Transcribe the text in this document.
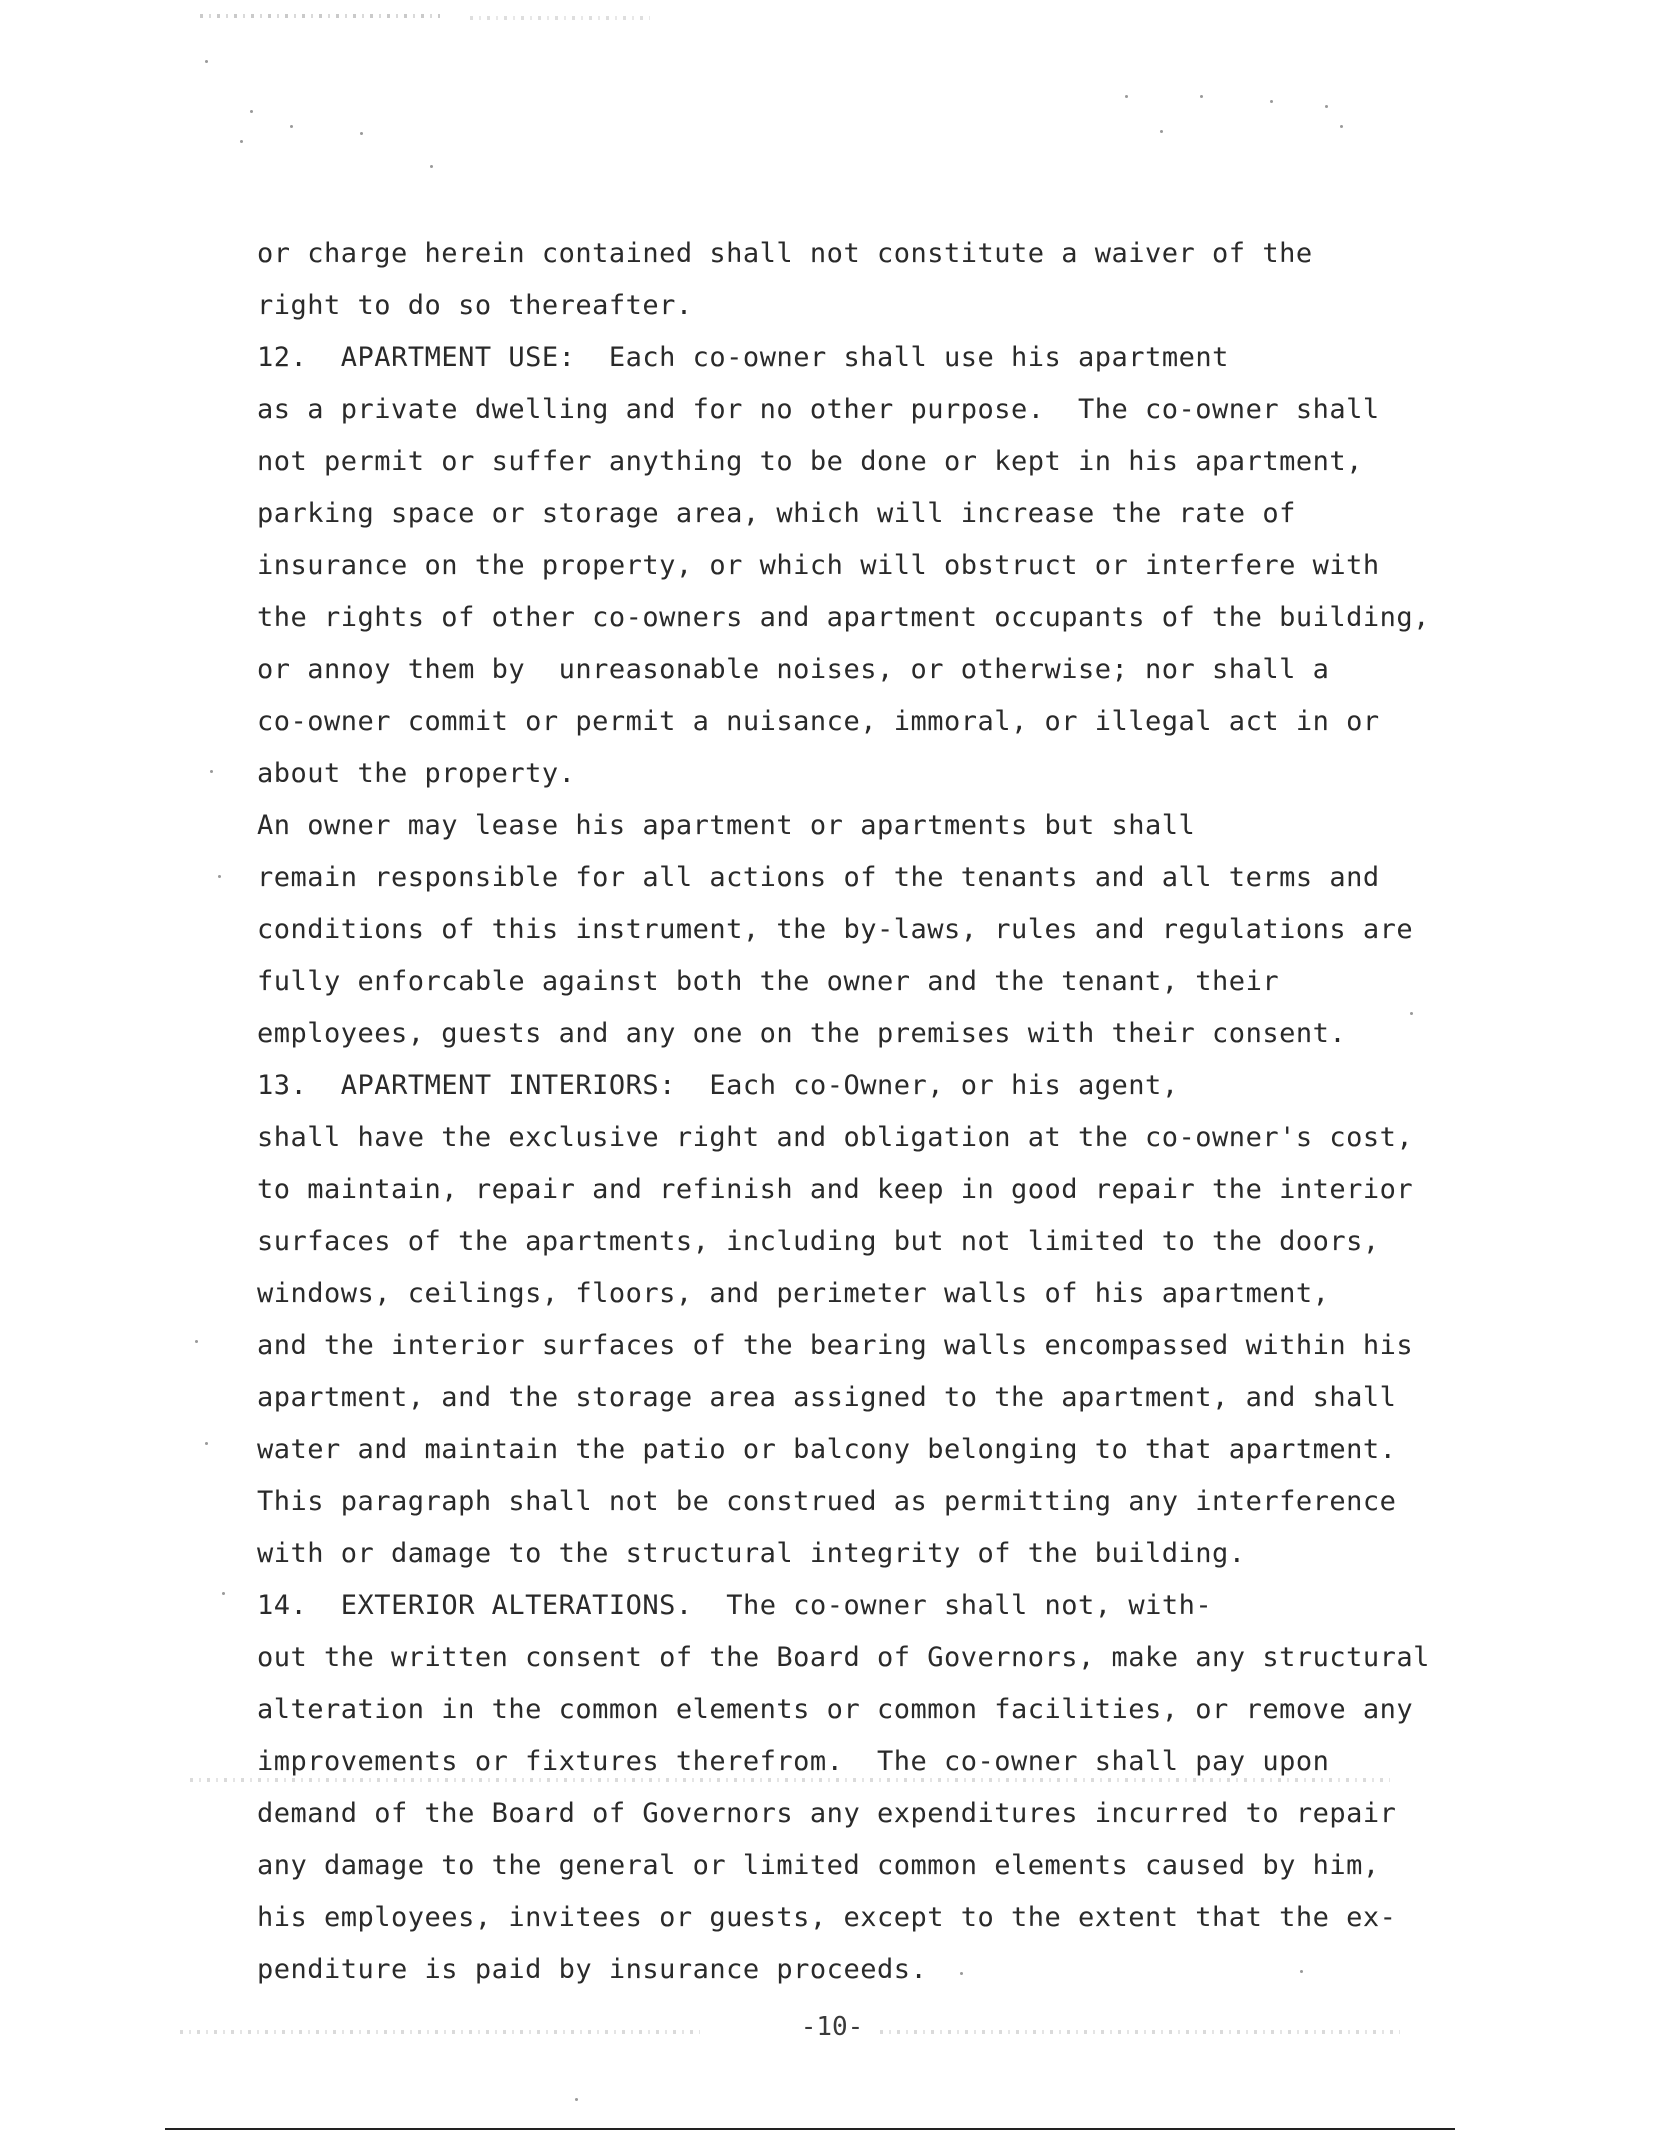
or charge herein contained shall not constitute a waiver of the
right to do so thereafter.
12. APARTMENT USE: Each co-owner shall use his apartment
as a private dwelling and for no other purpose.  The co-owner shall
not permit or suffer anything to be done or kept in his apartment,
parking space or storage area, which will increase the rate of
insurance on the property, or which will obstruct or interfere with
the rights of other co-owners and apartment occupants of the building,
or annoy them by  unreasonable noises, or otherwise; nor shall a
co-owner commit or permit a nuisance, immoral, or illegal act in or
about the property.
An owner may lease his apartment or apartments but shall
remain responsible for all actions of the tenants and all terms and
conditions of this instrument, the by-laws, rules and regulations are
fully enforcable against both the owner and the tenant, their
employees, guests and any one on the premises with their consent.
13. APARTMENT INTERIORS: Each co-Owner, or his agent,
shall have the exclusive right and obligation at the co-owner's cost,
to maintain, repair and refinish and keep in good repair the interior
surfaces of the apartments, including but not limited to the doors,
windows, ceilings, floors, and perimeter walls of his apartment,
and the interior surfaces of the bearing walls encompassed within his
apartment, and the storage area assigned to the apartment, and shall
water and maintain the patio or balcony belonging to that apartment.
This paragraph shall not be construed as permitting any interference
with or damage to the structural integrity of the building.
14. EXTERIOR ALTERATIONS. The co-owner shall not, with-
out the written consent of the Board of Governors, make any structural
alteration in the common elements or common facilities, or remove any
improvements or fixtures therefrom.  The co-owner shall pay upon
demand of the Board of Governors any expenditures incurred to repair
any damage to the general or limited common elements caused by him,
his employees, invitees or guests, except to the extent that the ex-
penditure is paid by insurance proceeds.
-10-
